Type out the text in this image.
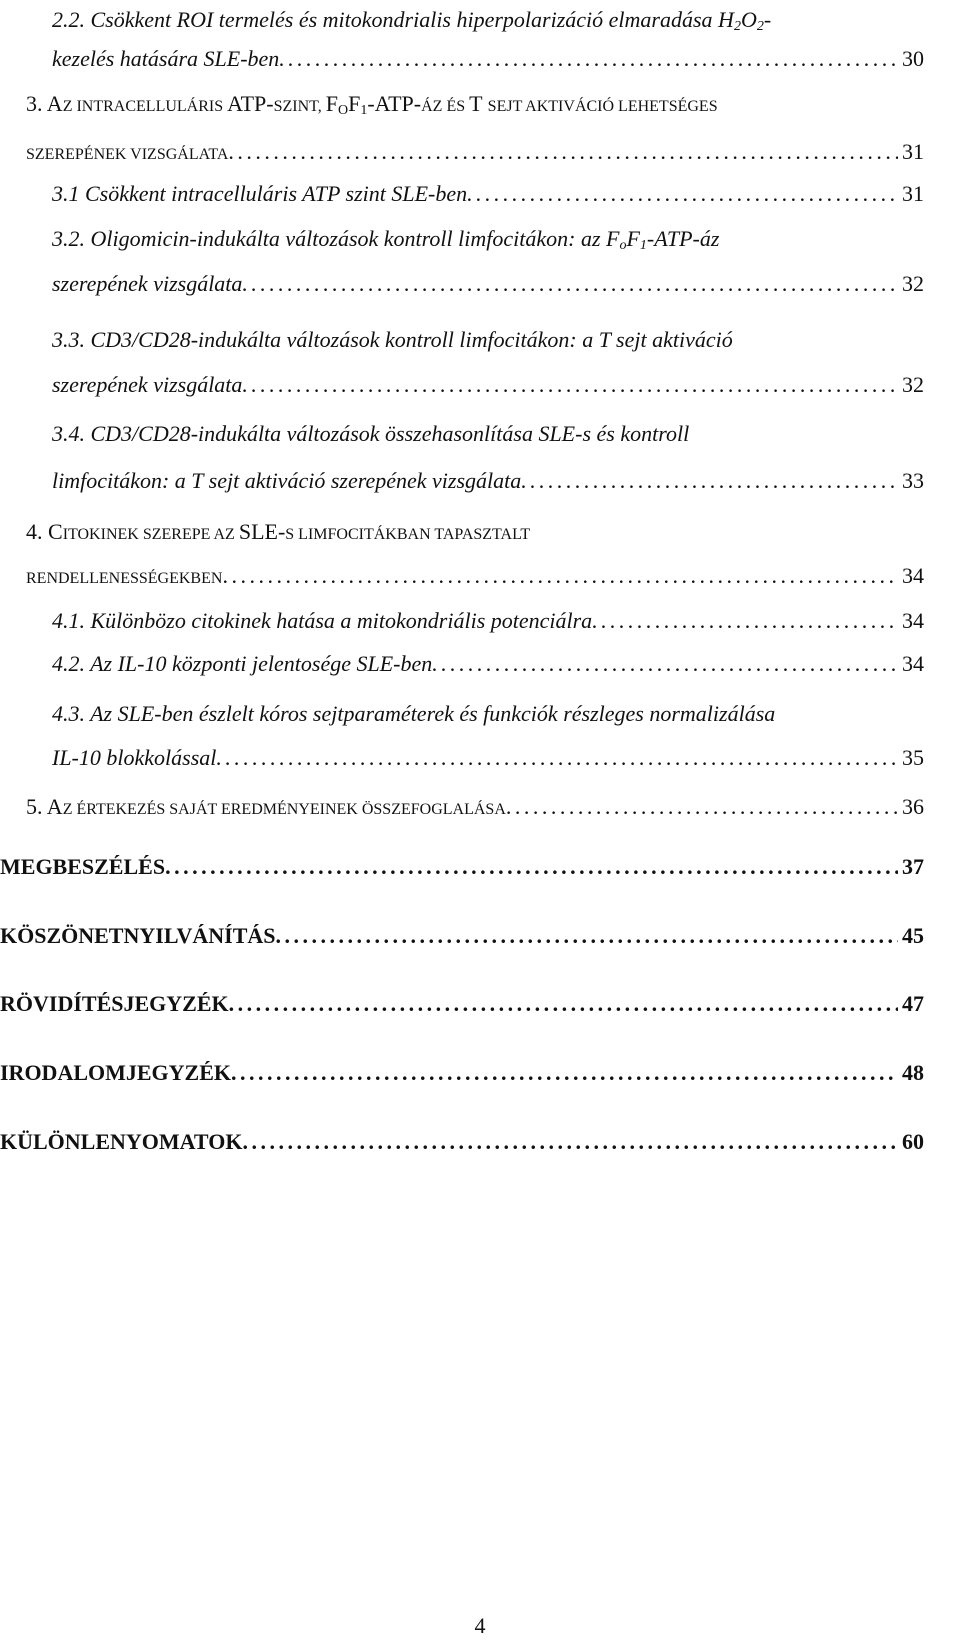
2.2. Csökkent ROI termelés és mitokondrialis hiperpolarizáció elmaradása $H_2O_2-$
kezelés hatására SLE-ben . . .	30
3. AZ INTRACELLULÁRIS ATP-SZINT, $F_OF_1-ATP-ÁZ$ ÉS T SEJT AKTIVÁCIÓ LEHETSÉGES
SZEREPÉNEK VIZSGÁLATA . . .	31
3.1 Csökkent intracelluláris ATP szint SLE-ben . . .	31
3.2. Oligomicin-indukálta változások kontroll limfocitákon: az $F_oF_1-ATP-áz$
szerepének vizsgálata . . .	32
3.3. CD3/CD28-indukálta változások kontroll limfocitákon: a T sejt aktiváció
szerepének vizsgálata . . .	32
3.4. CD3/CD28-indukálta változások összehasonlítása SLE-s és kontroll
limfocitákon: a T sejt aktiváció szerepének vizsgálata . . .	33
4. CITOKINEK SZEREPE AZ SLE-S LIMFOCITÁKBAN TAPASZTALT
RENDELLENESSÉGEKBEN . . .	34
4.1. Különbözo citokinek hatása a mitokondriális potenciálra . . .	34
4.2. Az IL-10 központi jelentosége SLE-ben . . .	34
4.3. Az SLE-ben észlelt kóros sejtparaméterek és funkciók részleges normalizálása
IL-10 blokkolással . . .	35
5. AZ ÉRTEKEZÉS SAJÁT EREDMÉNYEINEK ÖSSZEFOGLALÁSA . . .	36
MEGBESZÉLÉS . . .	37
KÖSZÖNETNYILVÁNÍTÁS . . .	45
RÖVIDÍTÉSJEGYZÉK . . .	47
IRODALOMJEGYZÉK . . .	48
KÜLÖNLENYOMATOK . . .	60
4
